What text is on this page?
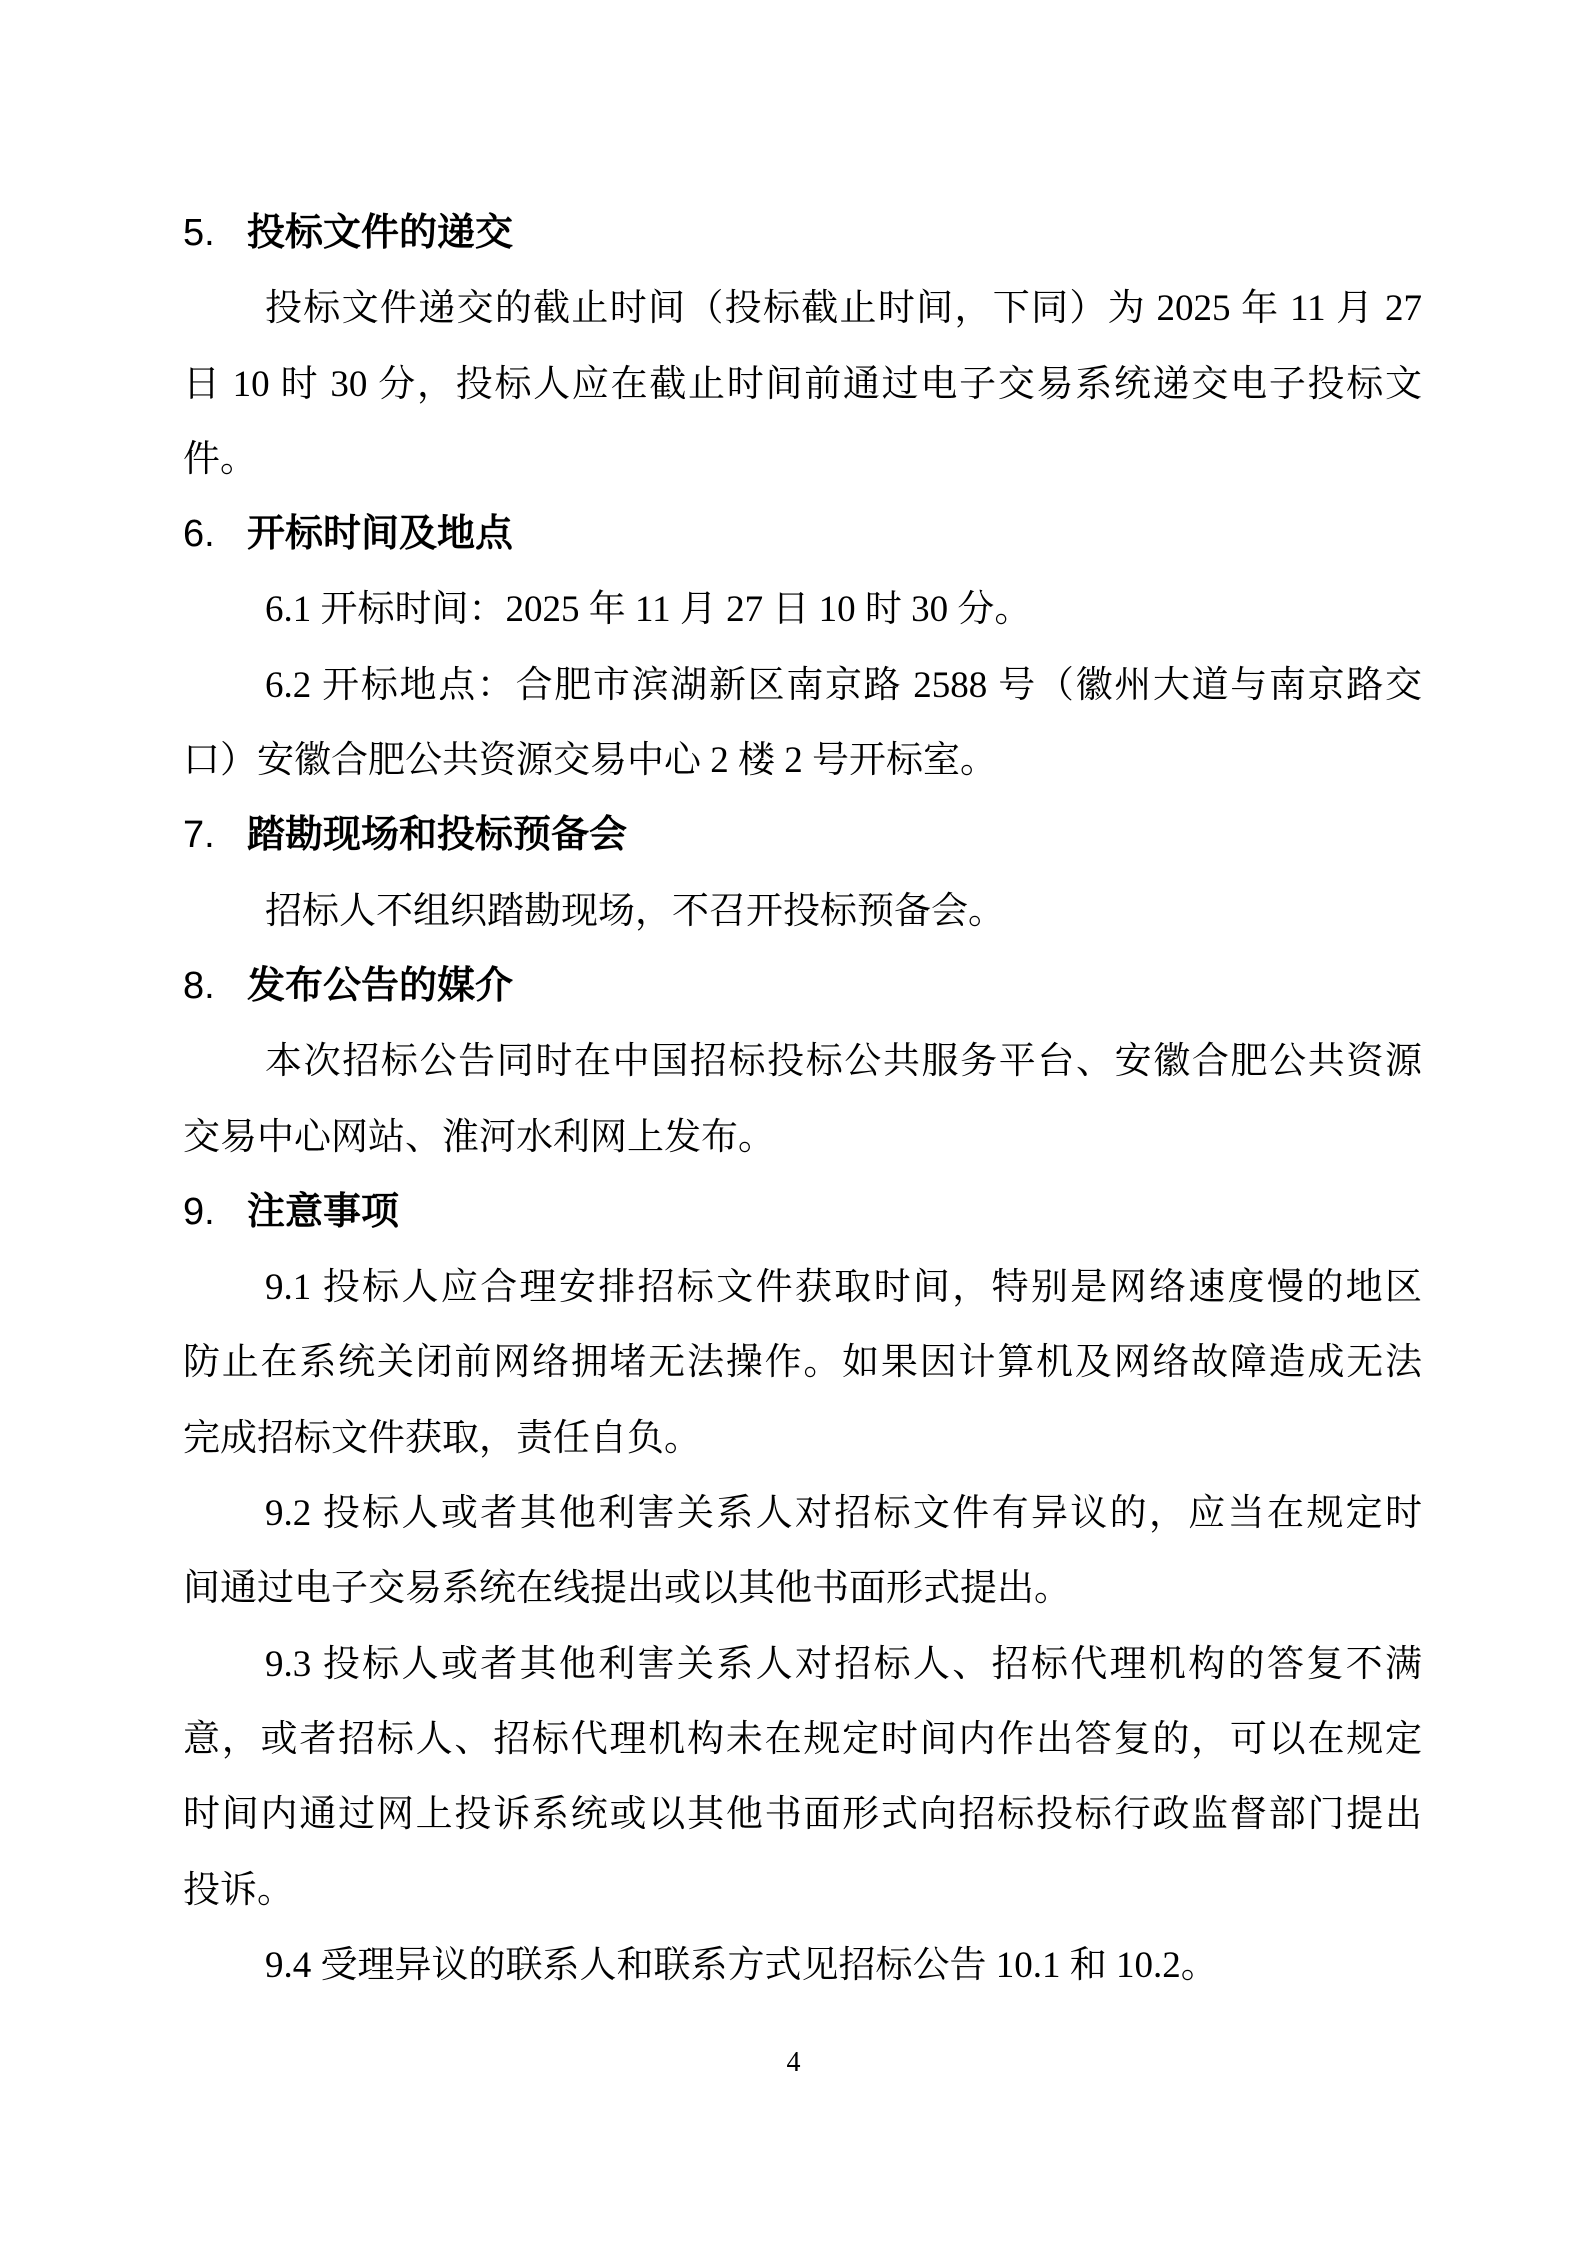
5. 投标文件的递交
投标文件递交的截止时间（投标截止时间，下同）为 2025 年 11 月 27
日 10 时 30 分，投标人应在截止时间前通过电子交易系统递交电子投标文
件。
6. 开标时间及地点
6.1 开标时间：2025 年 11 月 27 日 10 时 30 分。
6.2 开标地点：合肥市滨湖新区南京路 2588 号（徽州大道与南京路交
口）安徽合肥公共资源交易中心 2 楼 2 号开标室。
7. 踏勘现场和投标预备会
招标人不组织踏勘现场，不召开投标预备会。
8. 发布公告的媒介
本次招标公告同时在中国招标投标公共服务平台、安徽合肥公共资源
交易中心网站、淮河水利网上发布。
9. 注意事项
9.1 投标人应合理安排招标文件获取时间，特别是网络速度慢的地区
防止在系统关闭前网络拥堵无法操作。如果因计算机及网络故障造成无法
完成招标文件获取，责任自负。
9.2 投标人或者其他利害关系人对招标文件有异议的，应当在规定时
间通过电子交易系统在线提出或以其他书面形式提出。
9.3 投标人或者其他利害关系人对招标人、招标代理机构的答复不满
意，或者招标人、招标代理机构未在规定时间内作出答复的，可以在规定
时间内通过网上投诉系统或以其他书面形式向招标投标行政监督部门提出
投诉。
9.4 受理异议的联系人和联系方式见招标公告 10.1 和 10.2。
4
